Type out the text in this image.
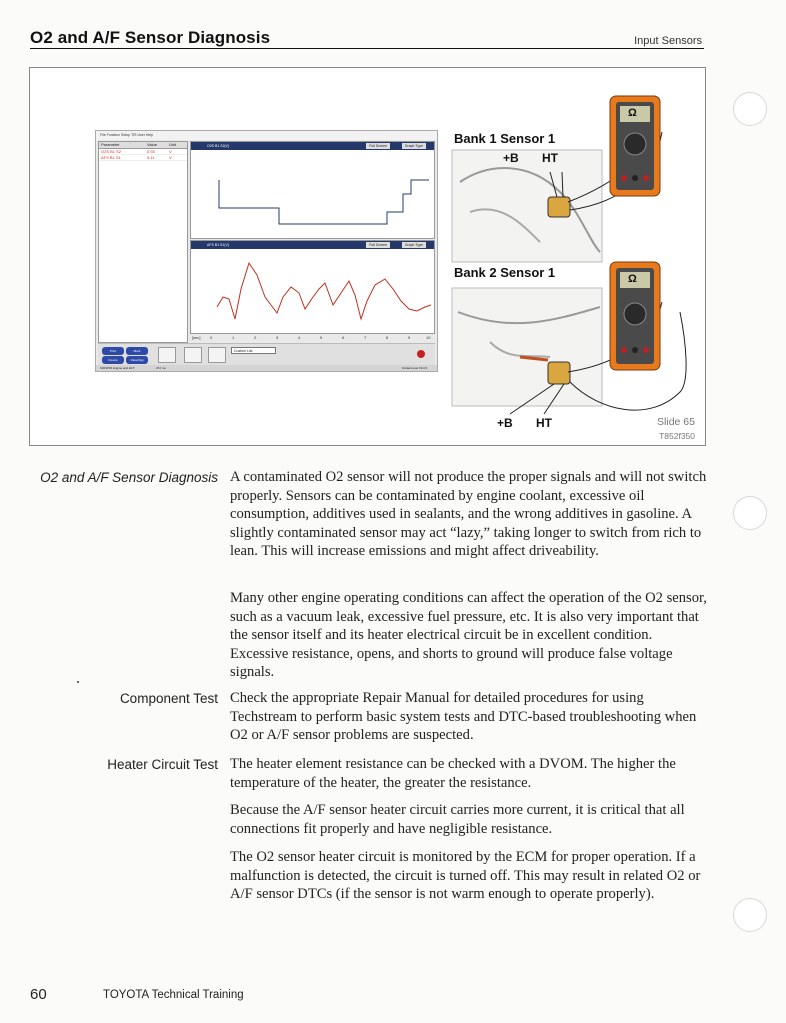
O2 and A/F Sensor Diagnosis	Input Sensors
File Function Setup TIS User Help
Parameter	Value	Unit
O2S B1 S2	0.93	V
AFS B1 S1	3.11	V
O2S B1 S2(V)	Full Screen	Graph Type
AFS B1 S1(V)	Full Screen	Graph Type
[sec] 0	1	2	3	4	5	6	7	8	9	10
Print	Mark
Freeze	Clear/Jpg
Custom List
S3D0/S5 Engine and ECT	272 ms	Default-user DLC3
Bank 1 Sensor 1
+B HT
Bank 2 Sensor 1
+B HT
Ω
Ω
Slide 65
T852f350
O2 and A/F Sensor Diagnosis A contaminated O2 sensor will not produce the proper signals and will not switch properly. Sensors can be contaminated by engine coolant, excessive oil consumption, additives used in sealants, and the wrong additives in gasoline. A slightly contaminated sensor may act “lazy,” taking longer to switch from rich to lean. This will increase emissions and might affect driveability.
Many other engine operating conditions can affect the operation of the O2 sensor, such as a vacuum leak, excessive fuel pressure, etc. It is also very important that the sensor itself and its heater electrical circuit be in excellent condition. Excessive resistance, opens, and shorts to ground will produce false voltage signals.
Component Test Check the appropriate Repair Manual for detailed procedures for using Techstream to perform basic system tests and DTC-based troubleshooting when O2 or A/F sensor problems are suspected.
Heater Circuit Test The heater element resistance can be checked with a DVOM. The higher the temperature of the heater, the greater the resistance.
Because the A/F sensor heater circuit carries more current, it is critical that all connections fit properly and have negligible resistance.
The O2 sensor heater circuit is monitored by the ECM for proper operation. If a malfunction is detected, the circuit is turned off. This may result in related O2 or A/F sensor DTCs (if the sensor is not warm enough to operate properly).
60	TOYOTA Technical Training
